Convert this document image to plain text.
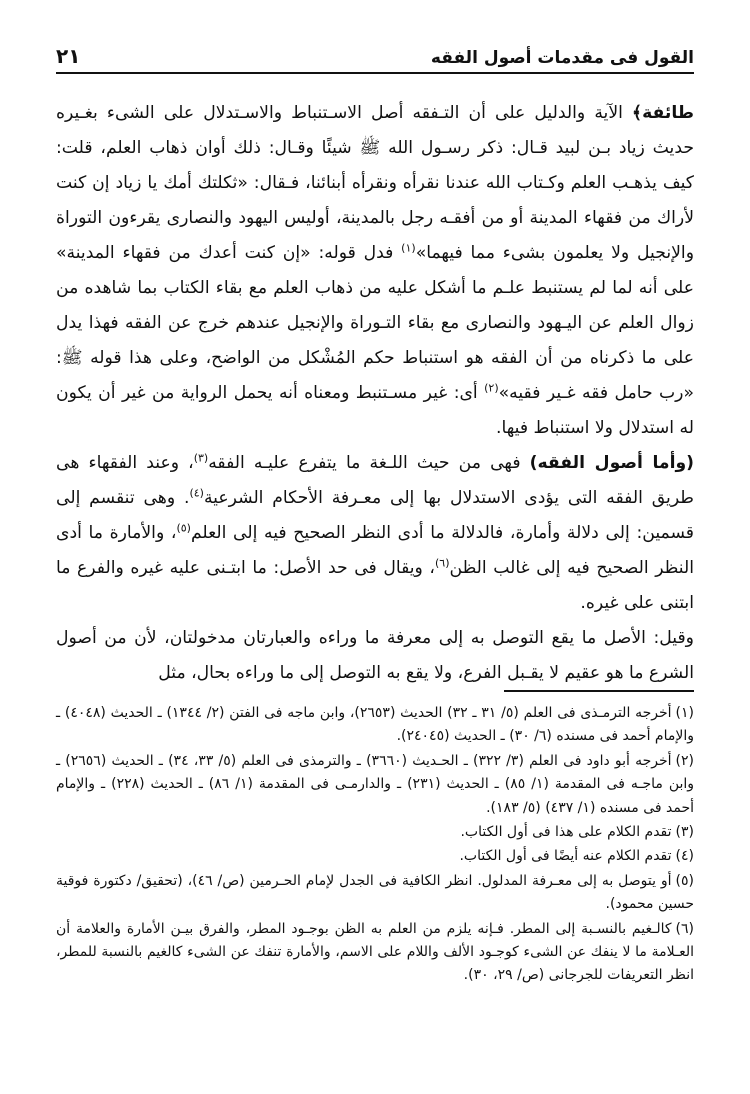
القول فى مقدمات أصول الفقه
٢١

طائفة﴾ الآية والدليل على أن التـفقه أصل الاسـتنباط والاسـتدلال على الشىء بغـيره حديث زياد بـن لبيد قـال: ذكر رسـول الله ﷺ شيئًا وقـال: ذلك أوان ذهاب العلم، قلت: كيف يذهـب العلم وكـتاب الله عندنا نقرأه ونقرأه أبنائنا، فـقال: «ثكلتك أمك يا زياد إن كنت لأراك من فقهاء المدينة أو من أفقـه رجل بالمدينة، أوليس اليهود والنصارى يقرءون التوراة والإنجيل ولا يعلمون بشىء مما فيهما»$^{(١)}$ فدل قوله: «إن كنت أعدك من فقهاء المدينة» على أنه لما لم يستنبط علـم ما أشكل عليه من ذهاب العلم مع بقاء الكتاب بما شاهده من زوال العلم عن اليـهود والنصارى مع بقاء التـوراة والإنجيل عندهم خرج عن الفقه فهذا يدل على ما ذكرناه من أن الفقه هو استنباط حكم المُشْكل من الواضح، وعلى هذا قوله ﷺ: «رب حامل فقه غـير فقيه»$^{(٢)}$ أى: غير مسـتنبط ومعناه أنه يحمل الرواية من غير أن يكون له استدلال ولا استنباط فيها.

(وأما أصول الفقه) فهى من حيث اللـغة ما يتفرع عليـه الفقه$^{(٣)}$، وعند الفقهاء هى طريق الفقه التى يؤدى الاستدلال بها إلى معـرفة الأحكام الشرعية$^{(٤)}$. وهى تنقسم إلى قسمين: إلى دلالة وأمارة، فالدلالة ما أدى النظر الصحيح فيه إلى العلم$^{(٥)}$، والأمارة ما أدى النظر الصحيح فيه إلى غالب الظن$^{(٦)}$، ويقال فى حد الأصل: ما ابتـنى عليه غيره والفرع ما ابتنى على غيره.

وقيل: الأصل ما يقع التوصل به إلى معرفة ما وراءه والعبارتان مدخولتان، لأن من أصول الشرع ما هو عقيم لا يقـبل الفرع، ولا يقع به التوصل إلى ما وراءه بحال، مثل

(١)أخرجه الترمـذى فى العلم (٥/ ٣١ ـ ٣٢) الحديث (٢٦٥٣)، وابن ماجه فى الفتن (٢/ ١٣٤٤) ـ الحديث (٤٠٤٨) ـ والإمام أحمد فى مسنده (٦/ ٣٠) ـ الحديث (٢٤٠٤٥).

(٢)أخرجه أبو داود فى العلم (٣/ ٣٢٢) ـ الحـديث (٣٦٦٠) ـ والترمذى فى العلم (٥/ ٣٣، ٣٤) ـ الحديث (٢٦٥٦) ـ وابن ماجـه فى المقدمة (١/ ٨٥) ـ الحديث (٢٣١) ـ والدارمـى فى المقدمة (١/ ٨٦) ـ الحديث (٢٢٨) ـ والإمام أحمد فى مسنده (١/ ٤٣٧) (٥/ ١٨٣).

(٣)تقدم الكلام على هذا فى أول الكتاب.

(٤)تقدم الكلام عنه أيضًا فى أول الكتاب.

(٥)أو يتوصل به إلى معـرفة المدلول. انظر الكافية فى الجدل لإمام الحـرمين (ص/ ٤٦)، (تحقيق/ دكتورة فوقية حسين محمود).

(٦)كالـغيم بالنسـبة إلى المطر. فـإنه يلزم من العلم به الظن بوجـود المطر، والفرق بيـن الأمارة والعلامة أن العـلامة ما لا ينفك عن الشىء كوجـود الألف واللام على الاسم، والأمارة تنفك عن الشىء كالغيم بالنسبة للمطر، انظر التعريفات للجرجانى (ص/ ٢٩، ٣٠).
